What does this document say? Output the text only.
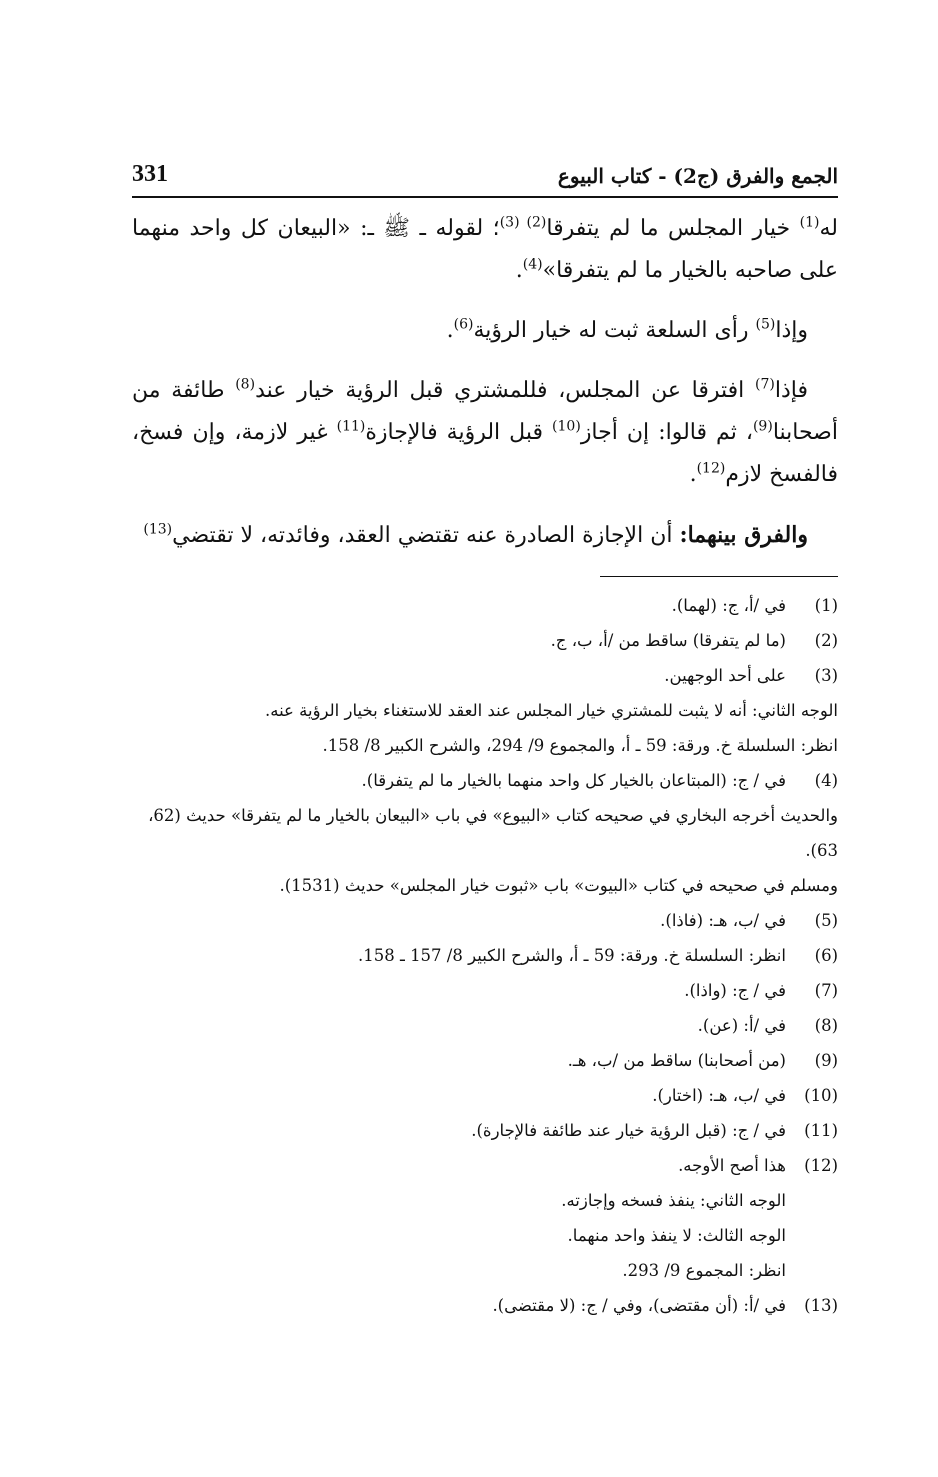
331	الجمع والفرق (ج2) - كتاب البيوع

له$^{(1)}$ خيار المجلس ما لم يتفرقا$^{(2)}$ $^{(3)}$؛ لقوله ـ ﷺ ـ: «البيعان كل واحد منهما على صاحبه بالخيار ما لم يتفرقا»$^{(4)}$.

وإذا$^{(5)}$ رأى السلعة ثبت له خيار الرؤية$^{(6)}$.

فإذا$^{(7)}$ افترقا عن المجلس، فللمشتري قبل الرؤية خيار عند$^{(8)}$ طائفة من أصحابنا$^{(9)}$، ثم قالوا: إن أجاز$^{(10)}$ قبل الرؤية فالإجازة$^{(11)}$ غير لازمة، وإن فسخ، فالفسخ لازم$^{(12)}$.

والفرق بينهما: أن الإجازة الصادرة عنه تقتضي العقد، وفائدته، لا تقتضي$^{(13)}$

(1)
في /أ، ج: (لهما).
(2)
(ما لم يتفرقا) ساقط من /أ، ب، ج.
(3)
على أحد الوجهين.
الوجه الثاني: أنه لا يثبت للمشتري خيار المجلس عند العقد للاستغناء بخيار الرؤية عنه.
انظر: السلسلة خ. ورقة: 59 ـ أ، والمجموع 9/ 294، والشرح الكبير 8/ 158.
(4)
في / ج: (المبتاعان بالخيار كل واحد منهما بالخيار ما لم يتفرقا).
والحديث أخرجه البخاري في صحيحه كتاب «البيوع» في باب «البيعان بالخيار ما لم يتفرقا» حديث (62، 63).
ومسلم في صحيحه في كتاب «البيوت» باب «ثبوت خيار المجلس» حديث (1531).
(5)
في /ب، هـ: (فاذا).
(6)
انظر: السلسلة خ. ورقة: 59 ـ أ، والشرح الكبير 8/ 157 ـ 158.
(7)
في / ج: (واذا).
(8)
في /أ: (عن).
(9)
(من أصحابنا) ساقط من /ب، هـ.
(10)
في /ب، هـ: (اختار).
(11)
في / ج: (قبل الرؤية خيار عند طائفة فالإجارة).
(12)
هذا أصح الأوجه.
الوجه الثاني: ينفذ فسخه وإجازته.
الوجه الثالث: لا ينفذ واحد منهما.
انظر: المجموع 9/ 293.
(13)
في /أ: (أن مقتضى)، وفي / ج: (لا مقتضى).
